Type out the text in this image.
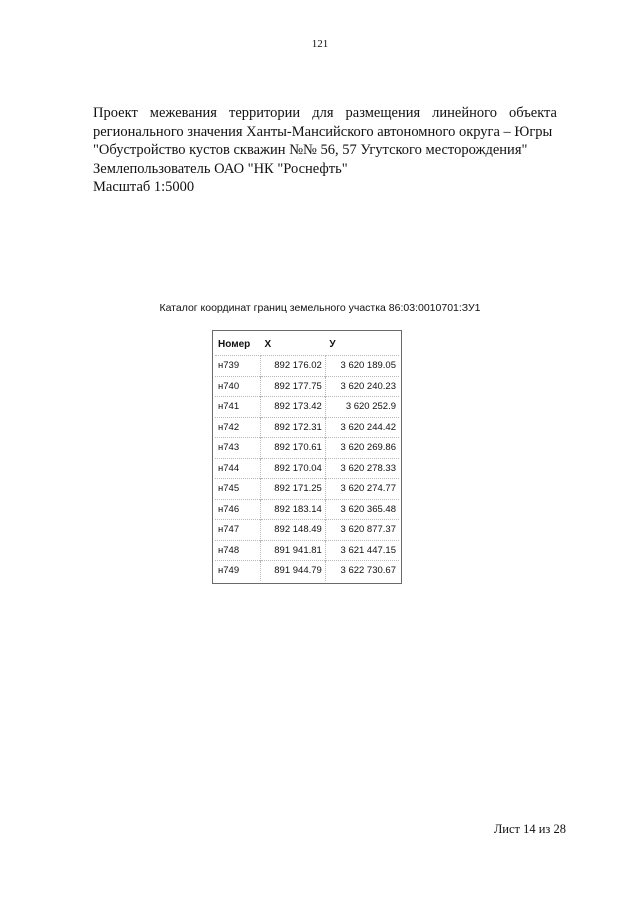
121
Проект межевания территории для размещения линейного объекта
регионального значения Ханты-Мансийского автономного округа – Югры
"Обустройство кустов скважин №№ 56, 57 Угутского месторождения"
Землепользователь ОАО "НК "Роснефть"
Масштаб 1:5000
Каталог координат границ земельного участка 86:03:0010701:ЗУ1
Номер	X	У
н739	892 176.02	3 620 189.05
н740	892 177.75	3 620 240.23
н741	892 173.42	3 620 252.9
н742	892 172.31	3 620 244.42
н743	892 170.61	3 620 269.86
н744	892 170.04	3 620 278.33
н745	892 171.25	3 620 274.77
н746	892 183.14	3 620 365.48
н747	892 148.49	3 620 877.37
н748	891 941.81	3 621 447.15
н749	891 944.79	3 622 730.67
Лист 14 из 28
